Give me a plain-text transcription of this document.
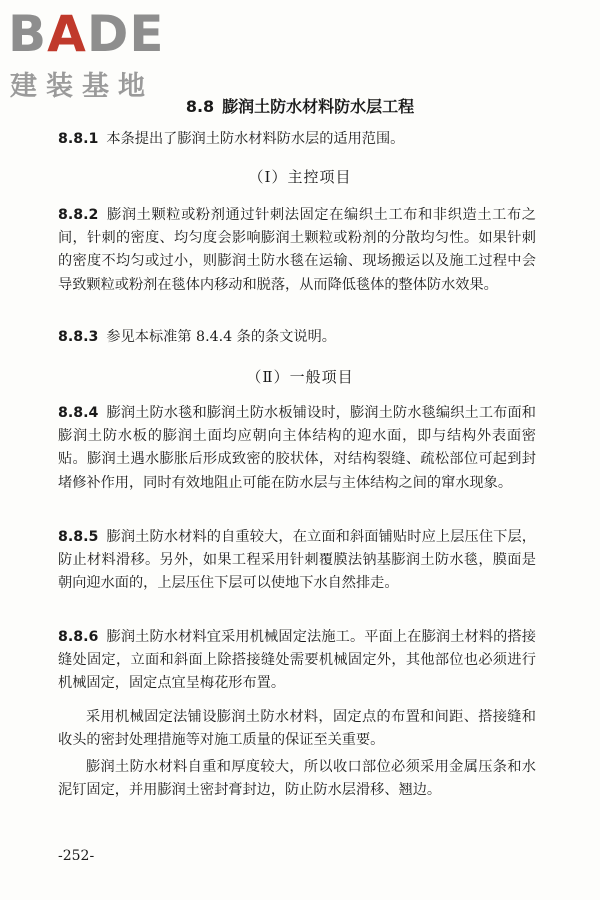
BADE
建装基地
8.8 膨润土防水材料防水层工程
8.8.1 本条提出了膨润土防水材料防水层的适用范围。
（Ⅰ）主控项目
8.8.2 膨润土颗粒或粉剂通过针刺法固定在编织土工布和非织造土工布之间，针刺的密度、均匀度会影响膨润土颗粒或粉剂的分散均匀性。如果针刺的密度不均匀或过小，则膨润土防水毯在运输、现场搬运以及施工过程中会导致颗粒或粉剂在毯体内移动和脱落，从而降低毯体的整体防水效果。
8.8.3 参见本标准第 8.4.4 条的条文说明。
（Ⅱ）一般项目
8.8.4 膨润土防水毯和膨润土防水板铺设时，膨润土防水毯编织土工布面和膨润土防水板的膨润土面均应朝向主体结构的迎水面，即与结构外表面密贴。膨润土遇水膨胀后形成致密的胶状体，对结构裂缝、疏松部位可起到封堵修补作用，同时有效地阻止可能在防水层与主体结构之间的窜水现象。
8.8.5 膨润土防水材料的自重较大，在立面和斜面铺贴时应上层压住下层，防止材料滑移。另外，如果工程采用针刺覆膜法钠基膨润土防水毯，膜面是朝向迎水面的，上层压住下层可以使地下水自然排走。
8.8.6 膨润土防水材料宜采用机械固定法施工。平面上在膨润土材料的搭接缝处固定，立面和斜面上除搭接缝处需要机械固定外，其他部位也必须进行机械固定，固定点宜呈梅花形布置。
采用机械固定法铺设膨润土防水材料，固定点的布置和间距、搭接缝和收头的密封处理措施等对施工质量的保证至关重要。
膨润土防水材料自重和厚度较大，所以收口部位必须采用金属压条和水泥钉固定，并用膨润土密封膏封边，防止防水层滑移、翘边。
-252-
